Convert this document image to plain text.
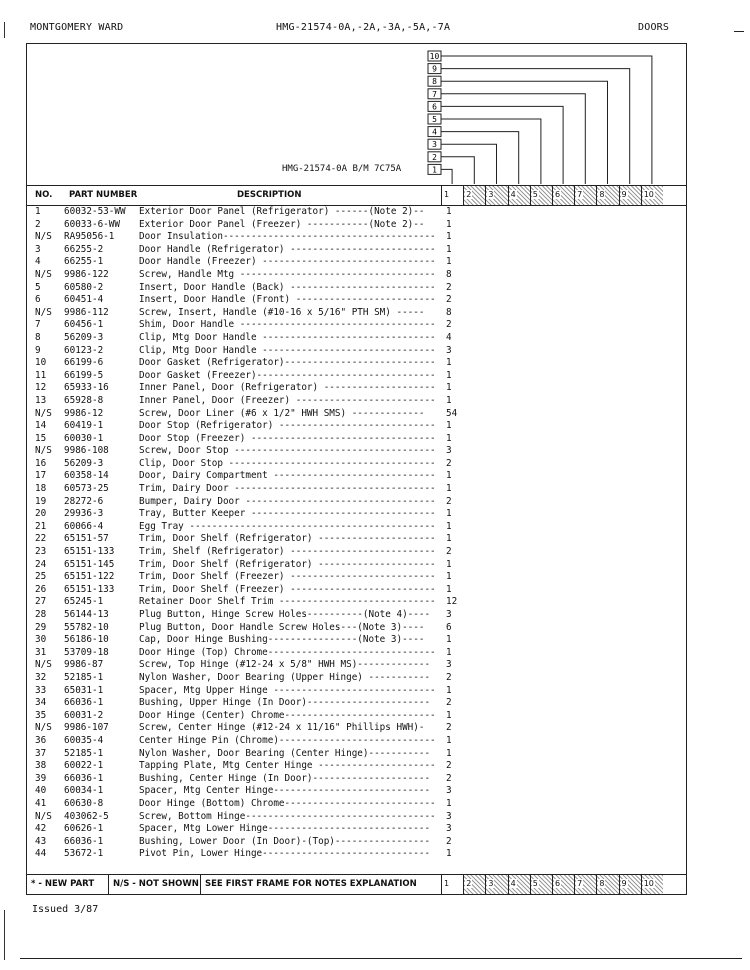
MONTGOMERY WARD	HMG-21574-0A,-2A,-3A,-5A,-7A	DOORS
10
9
8
7
6
5
4
3
2
1
HMG-21574-0A B/M 7C75A
NO. PART NUMBER	DESCRIPTION	1 2 3 4 5 6 7 8 9 10
1	60032-53-WW Exterior Door Panel (Refrigerator) ------(Note 2)-- 1
2	60033-6-WW Exterior Door Panel (Freezer) -----------(Note 2)-- 1
N/S RA95056-1	Door Insulation-------------------------------------- 1
3	66255-2	Door Handle (Refrigerator) -------------------------- 1
4	66255-1	Door Handle (Freezer) ------------------------------- 1
N/S 9986-122	Screw, Handle Mtg ----------------------------------- 8
5	60580-2	Insert, Door Handle (Back) -------------------------- 2
6	60451-4	Insert, Door Handle (Front) ------------------------- 2
N/S 9986-112	Screw, Insert, Handle (#10-16 x 5/16" PTH SM) ----- 8
7	60456-1	Shim, Door Handle ----------------------------------- 2
8	56209-3	Clip, Mtg Door Handle ------------------------------- 4
9	60123-2	Clip, Mtg Door Handle ------------------------------- 3
10 66199-6	Door Gasket (Refrigerator)--------------------------- 1
11 66199-5	Door Gasket (Freezer)-------------------------------- 1
12 65933-16	Inner Panel, Door (Refrigerator) -------------------- 1
13 65928-8	Inner Panel, Door (Freezer) ------------------------- 1
N/S 9986-12	Screw, Door Liner (#6 x 1/2" HWH SMS) ------------- 54
14 60419-1	Door Stop (Refrigerator) ---------------------------- 1
15 60030-1	Door Stop (Freezer) --------------------------------- 1
N/S 9986-108	Screw, Door Stop ------------------------------------ 3
16 56209-3	Clip, Door Stop ------------------------------------- 2
17 60358-14	Door, Dairy Compartment ----------------------------- 1
18 60573-25	Trim, Dairy Door ------------------------------------ 1
19 28272-6	Bumper, Dairy Door ---------------------------------- 2
20 29936-3	Tray, Butter Keeper --------------------------------- 1
21 60066-4	Egg Tray -------------------------------------------- 1
22 65151-57	Trim, Door Shelf (Refrigerator) --------------------- 1
23 65151-133	Trim, Shelf (Refrigerator) -------------------------- 2
24 65151-145	Trim, Door Shelf (Refrigerator) --------------------- 1
25 65151-122	Trim, Door Shelf (Freezer) -------------------------- 1
26 65151-133	Trim, Door Shelf (Freezer) -------------------------- 1
27 65245-1	Retainer Door Shelf Trim ---------------------------- 12
28 56144-13	Plug Button, Hinge Screw Holes----------(Note 4)---- 3
29 55782-10	Plug Button, Door Handle Screw Holes---(Note 3)---- 6
30 56186-10	Cap, Door Hinge Bushing----------------(Note 3)---- 1
31 53709-18	Door Hinge (Top) Chrome------------------------------ 1
N/S 9986-87	Screw, Top Hinge (#12-24 x 5/8" HWH MS)------------- 3
32 52185-1	Nylon Washer, Door Bearing (Upper Hinge) ----------- 2
33 65031-1	Spacer, Mtg Upper Hinge ----------------------------- 1
34 66036-1	Bushing, Upper Hinge (In Door)---------------------- 2
35 60031-2	Door Hinge (Center) Chrome--------------------------- 1
N/S 9986-107	Screw, Center Hinge (#12-24 x 11/16" Phillips HWH)- 2
36 60035-4	Center Hinge Pin (Chrome)---------------------------- 1
37 52185-1	Nylon Washer, Door Bearing (Center Hinge)----------- 1
38 60022-1	Tapping Plate, Mtg Center Hinge --------------------- 2
39 66036-1	Bushing, Center Hinge (In Door)--------------------- 2
40 60034-1	Spacer, Mtg Center Hinge---------------------------- 3
41 60630-8	Door Hinge (Bottom) Chrome--------------------------- 1
N/S 403062-5	Screw, Bottom Hinge---------------------------------- 3
42 60626-1	Spacer, Mtg Lower Hinge----------------------------- 3
43 66036-1	Bushing, Lower Door (In Door)-(Top)----------------- 2
44 53672-1	Pivot Pin, Lower Hinge------------------------------ 1
* - NEW PART	N/S - NOT SHOWN SEE FIRST FRAME FOR NOTES EXPLANATION	1 2 3 4 5 6 7 8 9 10
Issued 3/87
